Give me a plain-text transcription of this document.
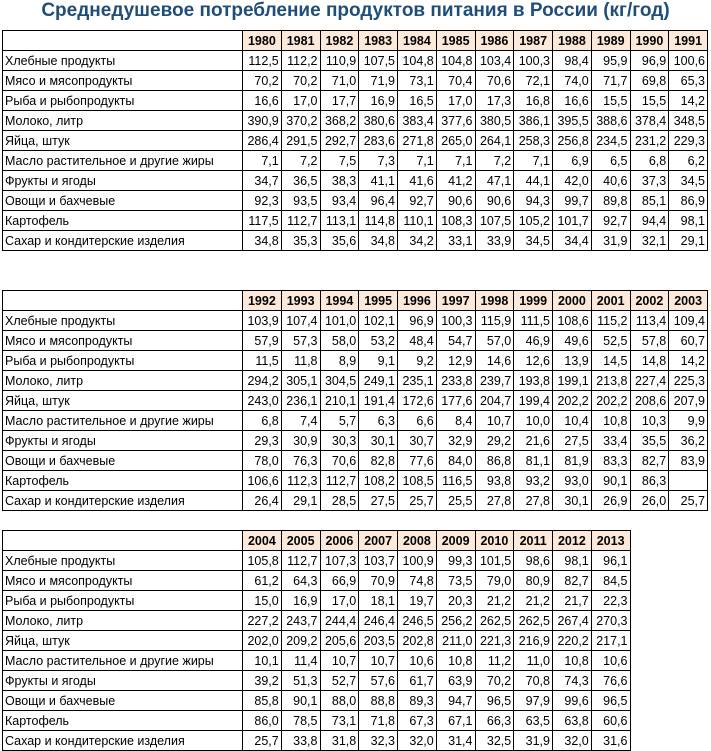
Среднедушевое потребление продуктов питания в России (кг/год)
	1980	1981	1982	1983	1984	1985	1986	1987	1988	1989	1990	1991
Хлебные продукты	112,5	112,2	110,9	107,5	104,8	104,8	103,4	100,3	98,4	95,9	96,9	100,6
Мясо и мясопродукты	70,2	70,2	71,0	71,9	73,1	70,4	70,6	72,1	74,0	71,7	69,8	65,3
Рыба и рыбопродукты	16,6	17,0	17,7	16,9	16,5	17,0	17,3	16,8	16,6	15,5	15,5	14,2
Молоко, литр	390,9	370,2	368,2	380,6	383,4	377,6	380,5	386,1	395,5	388,6	378,4	348,5
Яйца, штук	286,4	291,5	292,7	283,6	271,8	265,0	264,1	258,3	256,8	234,5	231,2	229,3
Масло растительное и другие жиры	7,1	7,2	7,5	7,3	7,1	7,1	7,2	7,1	6,9	6,5	6,8	6,2
Фрукты и ягоды	34,7	36,5	38,3	41,1	41,6	41,2	47,1	44,1	42,0	40,6	37,3	34,5
Овощи и бахчевые	92,3	93,5	93,4	96,4	92,7	90,6	90,6	94,3	99,7	89,8	85,1	86,9
Картофель	117,5	112,7	113,1	114,8	110,1	108,3	107,5	105,2	101,7	92,7	94,4	98,1
Сахар и кондитерские изделия	34,8	35,3	35,6	34,8	34,2	33,1	33,9	34,5	34,4	31,9	32,1	29,1
	1992	1993	1994	1995	1996	1997	1998	1999	2000	2001	2002	2003
Хлебные продукты	103,9	107,4	101,0	102,1	96,9	100,3	115,9	111,5	108,6	115,2	113,4	109,4
Мясо и мясопродукты	57,9	57,3	58,0	53,2	48,4	54,7	57,0	46,9	49,6	52,5	57,8	60,7
Рыба и рыбопродукты	11,5	11,8	8,9	9,1	9,2	12,9	14,6	12,6	13,9	14,5	14,8	14,2
Молоко, литр	294,2	305,1	304,5	249,1	235,1	233,8	239,7	193,8	199,1	213,8	227,4	225,3
Яйца, штук	243,0	236,1	210,1	191,4	172,6	177,6	204,7	199,4	202,2	202,2	208,6	207,9
Масло растительное и другие жиры	6,8	7,4	5,7	6,3	6,6	8,4	10,7	10,0	10,4	10,8	10,3	9,9
Фрукты и ягоды	29,3	30,9	30,3	30,1	30,7	32,9	29,2	21,6	27,5	33,4	35,5	36,2
Овощи и бахчевые	78,0	76,3	70,6	82,8	77,6	84,0	86,8	81,1	81,9	83,3	82,7	83,9
Картофель	106,6	112,3	112,7	108,2	108,5	116,5	93,8	93,2	93,0	90,1	86,3	
Сахар и кондитерские изделия	26,4	29,1	28,5	27,5	25,7	25,5	27,8	27,8	30,1	26,9	26,0	25,7
	2004	2005	2006	2007	2008	2009	2010	2011	2012	2013
Хлебные продукты	105,8	112,7	107,3	103,7	100,9	99,3	101,5	98,6	98,1	96,1
Мясо и мясопродукты	61,2	64,3	66,9	70,9	74,8	73,5	79,0	80,9	82,7	84,5
Рыба и рыбопродукты	15,0	16,9	17,0	18,1	19,7	20,3	21,2	21,2	21,7	22,3
Молоко, литр	227,2	243,7	244,4	246,4	246,5	256,2	262,5	262,5	267,4	270,3
Яйца, штук	202,0	209,2	205,6	203,5	202,8	211,0	221,3	216,9	220,2	217,1
Масло растительное и другие жиры	10,1	11,4	10,7	10,7	10,6	10,8	11,2	11,0	10,8	10,6
Фрукты и ягоды	39,2	51,3	52,7	57,6	61,7	63,9	70,2	70,8	74,3	76,6
Овощи и бахчевые	85,8	90,1	88,0	88,8	89,3	94,7	96,5	97,9	99,6	96,5
Картофель	86,0	78,5	73,1	71,8	67,3	67,1	66,3	63,5	63,8	60,6
Сахар и кондитерские изделия	25,7	33,8	31,8	32,3	32,0	31,4	32,5	31,9	32,0	31,6
